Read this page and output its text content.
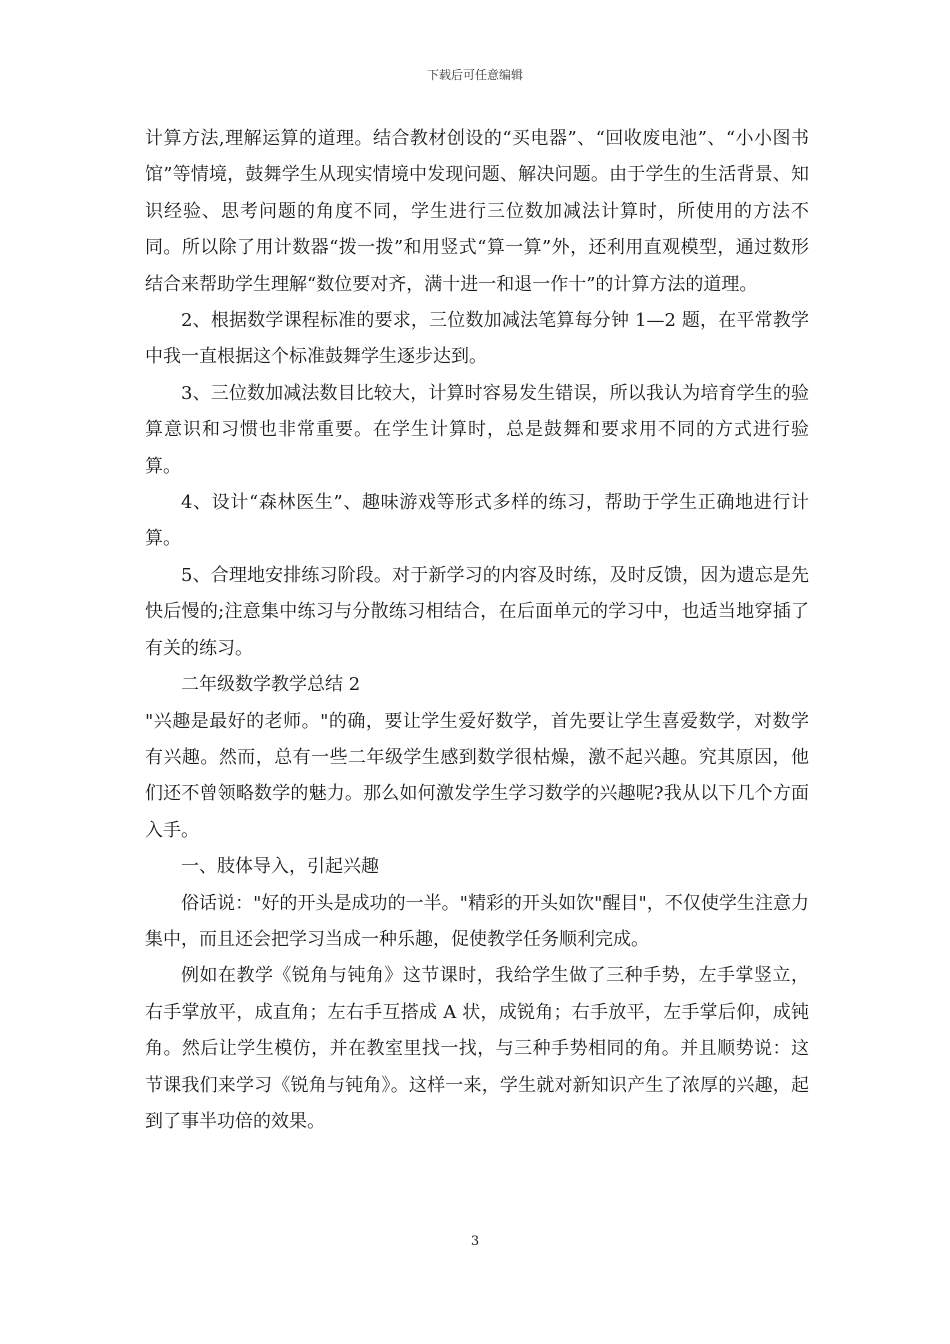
下载后可任意编辑

计算方法,理解运算的道理。结合教材创设的“买电器”、“回收废电池”、“小小图书馆”等情境，鼓舞学生从现实情境中发现问题、解决问题。由于学生的生活背景、知识经验、思考问题的角度不同，学生进行三位数加减法计算时，所使用的方法不同。所以除了用计数器“拨一拨”和用竖式“算一算”外，还利用直观模型，通过数形结合来帮助学生理解“数位要对齐，满十进一和退一作十”的计算方法的道理。

2、根据数学课程标准的要求，三位数加减法笔算每分钟 1—2 题，在平常教学中我一直根据这个标准鼓舞学生逐步达到。

3、三位数加减法数目比较大，计算时容易发生错误，所以我认为培育学生的验算意识和习惯也非常重要。在学生计算时，总是鼓舞和要求用不同的方式进行验算。

4、设计“森林医生”、趣味游戏等形式多样的练习，帮助于学生正确地进行计算。

5、合理地安排练习阶段。对于新学习的内容及时练，及时反馈，因为遗忘是先快后慢的;注意集中练习与分散练习相结合，在后面单元的学习中，也适当地穿插了有关的练习。

二年级数学教学总结 2

"兴趣是最好的老师。"的确，要让学生爱好数学，首先要让学生喜爱数学，对数学有兴趣。然而，总有一些二年级学生感到数学很枯燥，激不起兴趣。究其原因，他们还不曾领略数学的魅力。那么如何激发学生学习数学的兴趣呢?我从以下几个方面入手。

一、肢体导入，引起兴趣

俗话说："好的开头是成功的一半。"精彩的开头如饮"醒目"，不仅使学生注意力集中，而且还会把学习当成一种乐趣，促使教学任务顺利完成。

例如在教学《锐角与钝角》这节课时，我给学生做了三种手势，左手掌竖立，右手掌放平，成直角；左右手互搭成 A 状，成锐角；右手放平，左手掌后仰，成钝角。然后让学生模仿，并在教室里找一找，与三种手势相同的角。并且顺势说：这节课我们来学习《锐角与钝角》。这样一来，学生就对新知识产生了浓厚的兴趣，起到了事半功倍的效果。

3
